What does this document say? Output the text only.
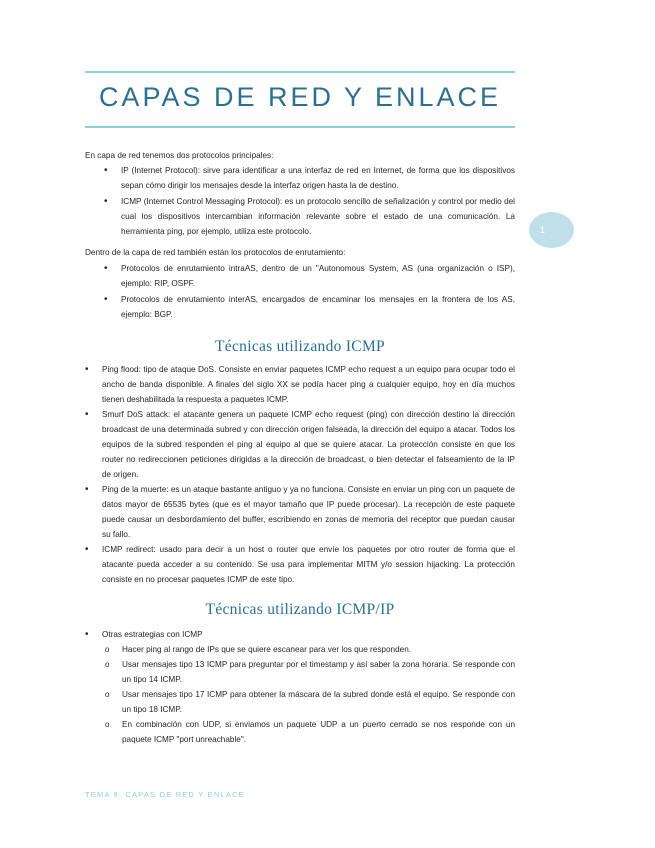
CAPAS DE RED Y ENLACE
1

En capa de red tenemos dos protocolos principales:

• IP (Internet Protocol): sirve para identificar a una interfaz de red en Internet, de forma que los dispositivos sepan cómo dirigir los mensajes desde la interfaz origen hasta la de destino.
• ICMP (Internet Control Messaging Protocol): es un protocolo sencillo de señalización y control por medio del cual los dispositivos intercambian información relevante sobre el estado de una comunicación. La herramienta ping, por ejemplo, utiliza este protocolo.

Dentro de la capa de red también están los protocolos de enrutamiento:

• Protocolos de enrutamiento intraAS, dentro de un "Autonomous System, AS (una organización o ISP), ejemplo: RIP, OSPF.
• Protocolos de enrutamiento interAS, encargados de encaminar los mensajes en la frontera de los AS, ejemplo: BGP.
Técnicas utilizando ICMP
• Ping flood: tipo de ataque DoS. Consiste en enviar paquetes ICMP echo request a un equipo para ocupar todo el ancho de banda disponible. A finales del siglo XX se podía hacer ping a cualquier equipo, hoy en día muchos tienen deshabilitada la respuesta a paquetes ICMP.
• Smurf DoS attack: el atacante genera un paquete ICMP echo request (ping) con dirección destino la dirección broadcast de una determinada subred y con dirección origen falseada, la dirección del equipo a atacar. Todos los equipos de la subred responden el ping al equipo al que se quiere atacar. La protección consiste en que los router no redireccionen peticiones dirigidas a la dirección de broadcast, o bien detectar el falseamiento de la IP de origen.
• Ping de la muerte: es un ataque bastante antiguo y ya no funciona. Consiste en enviar un ping con un paquete de datos mayor de 65535 bytes (que es el mayor tamaño que IP puede procesar). La recepción de este paquete puede causar un desbordamiento del buffer, escribiendo en zonas de memoria del receptor que puedan causar su fallo.
• ICMP redirect: usado para decir a un host o router que envíe los paquetes por otro router de forma que el atacante pueda acceder a su contenido. Se usa para implementar MITM y/o session hijacking. La protección consiste en no procesar paquetes ICMP de este tipo.
Técnicas utilizando ICMP/IP
• Otras estrategias con ICMP
o Hacer ping al rango de IPs que se quiere escanear para ver los que responden.
o Usar mensajes tipo 13 ICMP para preguntar por el timestamp y así saber la zona horaria. Se responde con un tipo 14 ICMP.
o Usar mensajes tipo 17 ICMP para obtener la máscara de la subred donde está el equipo. Se responde con un tipo 18 ICMP.
o En combinación con UDP, si enviamos un paquete UDP a un puerto cerrado se nos responde con un paquete ICMP "port unreachable".
TEMA 8: CAPAS DE RED Y ENLACE
